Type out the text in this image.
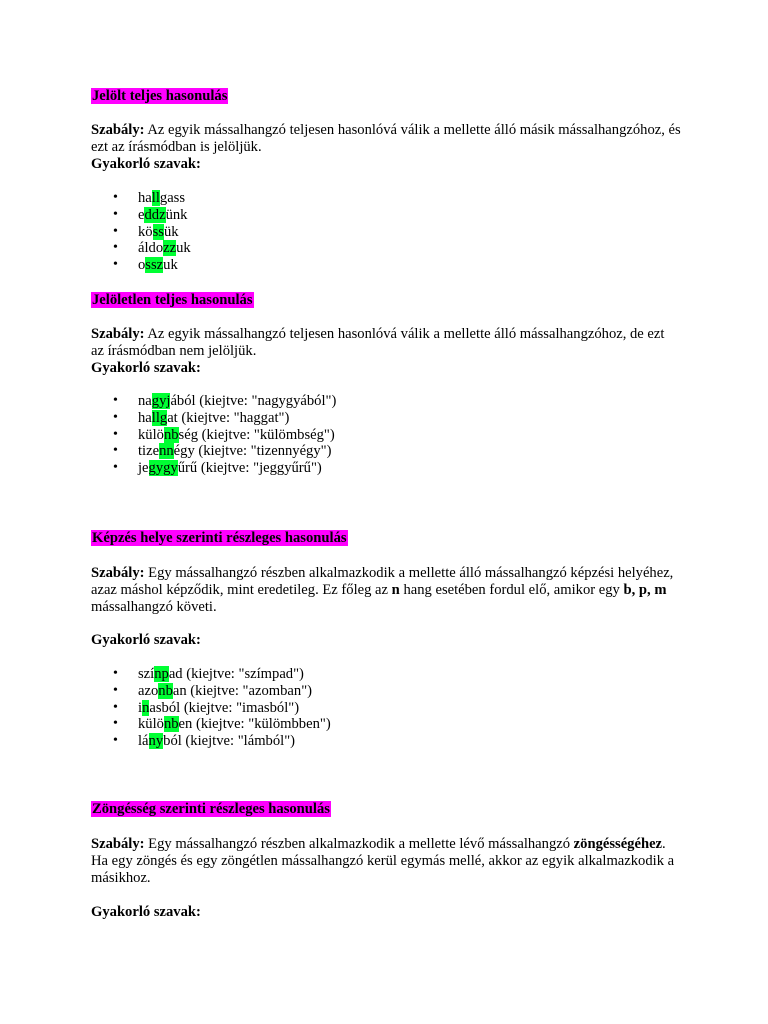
Jelölt teljes hasonulás
Szabály: Az egyik mássalhangzó teljesen hasonlóvá válik a mellette álló másik mássalhangzóhoz, és ezt az írásmódban is jelöljük.
Gyakorló szavak:
• hallgass
• eddzünk
• kössük
• áldozzuk
• osszuk
Jelöletlen teljes hasonulás
Szabály: Az egyik mássalhangzó teljesen hasonlóvá válik a mellette álló mássalhangzóhoz, de ezt az írásmódban nem jelöljük.
Gyakorló szavak:
• nagyjából (kiejtve: "nagygyából")
• hallgat (kiejtve: "haggat")
• különbség (kiejtve: "külömbség")
• tizennégy (kiejtve: "tizennyégy")
• jegygyűrű (kiejtve: "jeggyűrű")
Képzés helye szerinti részleges hasonulás
Szabály: Egy mássalhangzó részben alkalmazkodik a mellette álló mássalhangzó képzési helyéhez, azaz máshol képződik, mint eredetileg. Ez főleg az n hang esetében fordul elő, amikor egy b, p, m mássalhangzó követi.
Gyakorló szavak:
• színpad (kiejtve: "szímpad")
• azonban (kiejtve: "azomban")
• inasból (kiejtve: "imasból")
• különben (kiejtve: "külömbben")
• lányból (kiejtve: "lámból")
Zöngésség szerinti részleges hasonulás
Szabály: Egy mássalhangzó részben alkalmazkodik a mellette lévő mássalhangzó zöngésségéhez. Ha egy zöngés és egy zöngétlen mássalhangzó kerül egymás mellé, akkor az egyik alkalmazkodik a másikhoz.
Gyakorló szavak:
